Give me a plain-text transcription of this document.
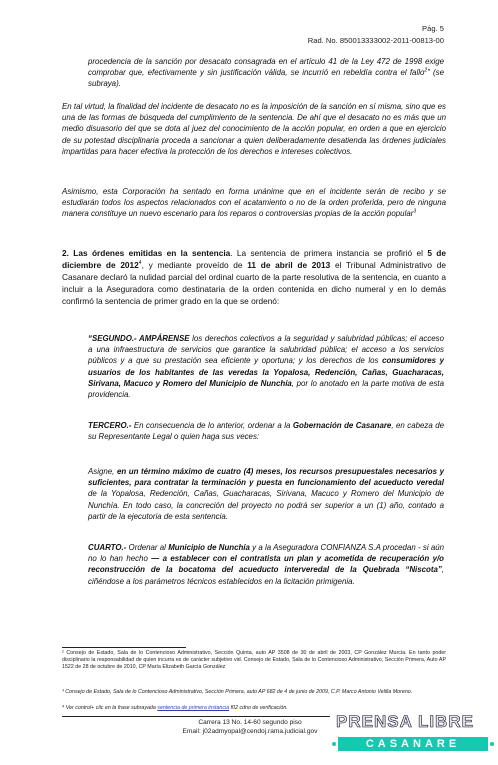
Pág. 5
Rad. No. 850013333002-2011-00813-00
procedencia de la sanción por desacato consagrada en el artículo 41 de la Ley 472 de 1998 exige comprobar que, efectivamente y sin justificación válida, se incurrió en rebeldía contra el fallo$^2$” (se subraya).
En tal virtud, la finalidad del incidente de desacato no es la imposición de la sanción en sí misma, sino que es una de las formas de búsqueda del cumplimiento de la sentencia. De ahí que el desacato no es más que un medio disuasorio del que se dota al juez del conocimiento de la acción popular, en orden a que en ejercicio de su potestad disciplinaria proceda a sancionar a quien deliberadamente desatienda las órdenes judiciales impartidas para hacer efectiva la protección de los derechos e intereses colectivos.
Asimismo, esta Corporación ha sentado en forma unánime que en el incidente serán de recibo y se estudiarán todos los aspectos relacionados con el acatamiento o no de la orden proferida, pero de ninguna manera constituye un nuevo escenario para los reparos o controversias propias de la acción popular$^3$
2. Las órdenes emitidas en la sentencia. La sentencia de primera instancia se profirió el 5 de diciembre de 2012$^4$, y mediante proveído de 11 de abril de 2013 el Tribunal Administrativo de Casanare declaró la nulidad parcial del ordinal cuarto de la parte resolutiva de la sentencia, en cuanto a incluir a la Aseguradora como destinataria de la orden contenida en dicho numeral y en lo demás confirmó la sentencia de primer grado en la que se ordenó:
“SEGUNDO.- AMPÁRENSE los derechos colectivos a la seguridad y salubridad públicas; el acceso a una infraestructura de servicios que garantice la salubridad pública; el acceso a los servicios públicos y a que su prestación sea eficiente y oportuna; y los derechos de los consumidores y usuarios de los habitantes de las veredas la Yopalosa, Redención, Cañas, Guacharacas, Sirivana, Macuco y Romero del Municipio de Nunchía, por lo anotado en la parte motiva de esta providencia.
TERCERO.- En consecuencia de lo anterior, ordenar a la Gobernación de Casanare, en cabeza de su Representante Legal o quien haga sus veces:
Asigne, en un término máximo de cuatro (4) meses, los recursos presupuestales necesarios y suficientes, para contratar la terminación y puesta en funcionamiento del acueducto veredal de la Yopalosa, Redención, Cañas, Guacharacas, Sirivana, Macuco y Romero del Municipio de Nunchía. En todo caso, la concreción del proyecto no podrá ser superior a un (1) año, contado a partir de la ejecutoria de esta sentencia.
CUARTO.- Ordenar al Municipio de Nunchía y a la Aseguradora CONFIANZA S.A procedan - si aún no lo han hecho — a establecer con el contratista un plan y acometida de recuperación y/o reconstrucción de la bocatoma del acueducto interveredal de la Quebrada “Niscota”, ciñéndose a los parámetros técnicos establecidos en la licitación primigenia.
² Consejo de Estado, Sala de lo Contencioso Administrativo, Sección Quinta, auto AP 3508 de 30 de abril de 2003, CP González Murcia. En tanto poder disciplinario la responsabilidad de quien incurra es de carácter subjetivo vid. Consejo de Estado, Sala de lo Contencioso Administrativo, Sección Primera, Auto AP 1522 de 28 de octubre de 2010, CP María Elizabeth García González
³ Consejo de Estado, Sala de lo Contencioso Administrativo, Sección Primera, auto AP 682 de 4 de junio de 2009, C.P. Marco Antonio Velilla Moreno.
⁴ Ver control+ clic en la frase subrayada sentencia de primera instancia f02 cdno de verificación.
Carrera 13 No. 14-60 segundo piso
Email: j02admyopal@cendoj.rama.judicial.gov
PRENSA LIBRE
CASANARE
